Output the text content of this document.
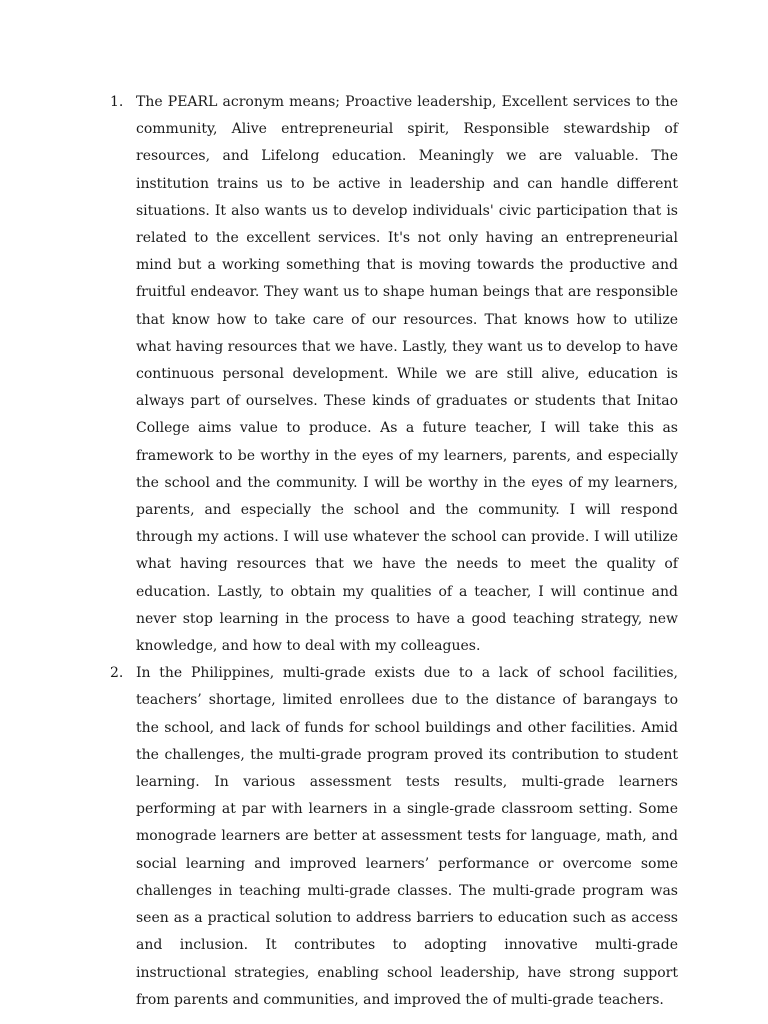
1. The PEARL acronym means; Proactive leadership, Excellent services to the community, Alive entrepreneurial spirit, Responsible stewardship of resources, and Lifelong education. Meaningly we are valuable. The institution trains us to be active in leadership and can handle different situations. It also wants us to develop individuals' civic participation that is related to the excellent services. It's not only having an entrepreneurial mind but a working something that is moving towards the productive and fruitful endeavor. They want us to shape human beings that are responsible that know how to take care of our resources. That knows how to utilize what having resources that we have. Lastly, they want us to develop to have continuous personal development. While we are still alive, education is always part of ourselves. These kinds of graduates or students that Initao College aims value to produce. As a future teacher, I will take this as framework to be worthy in the eyes of my learners, parents, and especially the school and the community. I will be worthy in the eyes of my learners, parents, and especially the school and the community. I will respond through my actions. I will use whatever the school can provide. I will utilize what having resources that we have the needs to meet the quality of education. Lastly, to obtain my qualities of a teacher, I will continue and never stop learning in the process to have a good teaching strategy, new knowledge, and how to deal with my colleagues.

2. In the Philippines, multi-grade exists due to a lack of school facilities, teachers’ shortage, limited enrollees due to the distance of barangays to the school, and lack of funds for school buildings and other facilities. Amid the challenges, the multi-grade program proved its contribution to student learning. In various assessment tests results, multi-grade learners performing at par with learners in a single-grade classroom setting. Some monograde learners are better at assessment tests for language, math, and social learning and improved learners’ performance or overcome some challenges in teaching multi-grade classes. The multi-grade program was seen as a practical solution to address barriers to education such as access and inclusion. It contributes to adopting innovative multi-grade instructional strategies, enabling school leadership, have strong support from parents and communities, and improved the of multi-grade teachers.
